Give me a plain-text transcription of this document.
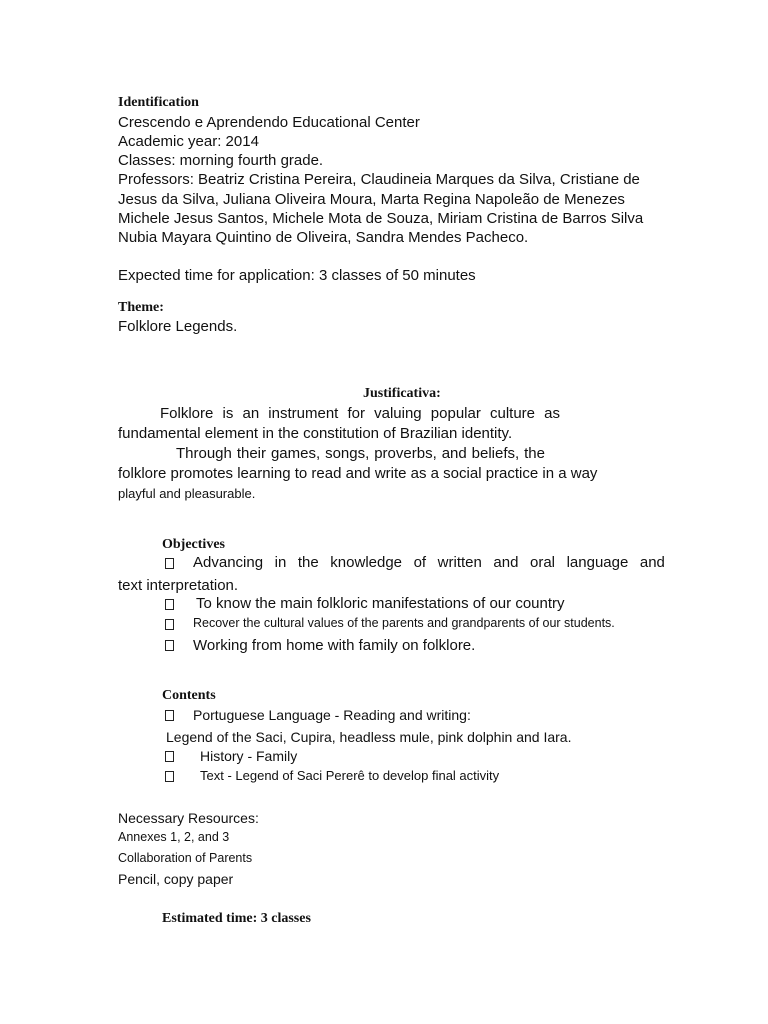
Identification
Crescendo e Aprendendo Educational Center
Academic year: 2014
Classes: morning fourth grade.
Professors: Beatriz Cristina Pereira, Claudineia Marques da Silva, Cristiane de
Jesus da Silva, Juliana Oliveira Moura, Marta Regina Napoleão de Menezes
Michele Jesus Santos, Michele Mota de Souza, Miriam Cristina de Barros Silva
Nubia Mayara Quintino de Oliveira, Sandra Mendes Pacheco.
Expected time for application: 3 classes of 50 minutes
Theme:
Folklore Legends.
Justificativa:
Folklore is an instrument for valuing popular culture as
fundamental element in the constitution of Brazilian identity.
Through their games, songs, proverbs, and beliefs, the
folklore promotes learning to read and write as a social practice in a way
playful and pleasurable.
Objectives
Advancing in the knowledge of written and oral language and
text interpretation.
To know the main folkloric manifestations of our country
Recover the cultural values of the parents and grandparents of our students.
Working from home with family on folklore.
Contents
Portuguese Language - Reading and writing:
Legend of the Saci, Cupira, headless mule, pink dolphin and Iara.
History - Family
Text - Legend of Saci Pererê to develop final activity
Necessary Resources:
Annexes 1, 2, and 3
Collaboration of Parents
Pencil, copy paper
Estimated time: 3 classes
